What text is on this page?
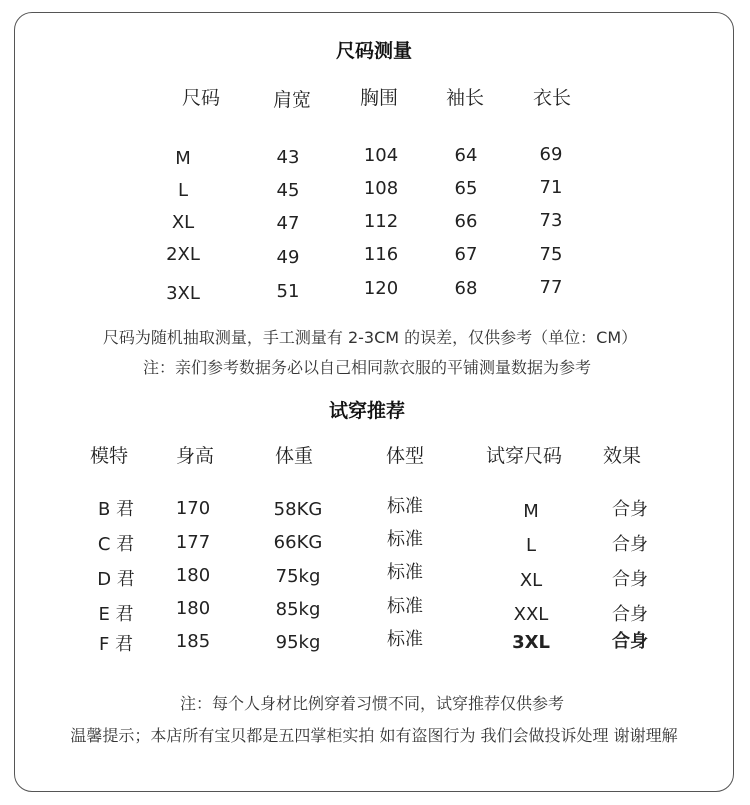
尺码测量
尺码	肩宽	胸围	袖长	衣长
M	43	104	64	69
L	45	108	65	71
XL	47	112	66	73
2XL	49	116	67	75
3XL	51	120	68	77
尺码为随机抽取测量，手工测量有 2-3CM 的误差，仅供参考（单位：CM）
注：亲们参考数据务必以自己相同款衣服的平铺测量数据为参考
试穿推荐
模特	身高	体重	体型	试穿尺码 效果
B 君 170	58KG	标准	M	合身
C 君 177	66KG	标准	L	合身
D 君 180	75kg	标准	XL	合身
E 君 180	85kg	标准	XXL	合身
F 君 185	95kg	标准	3XL	合身
注：每个人身材比例穿着习惯不同，试穿推荐仅供参考
温馨提示；本店所有宝贝都是五四掌柜实拍 如有盗图行为 我们会做投诉处理 谢谢理解
